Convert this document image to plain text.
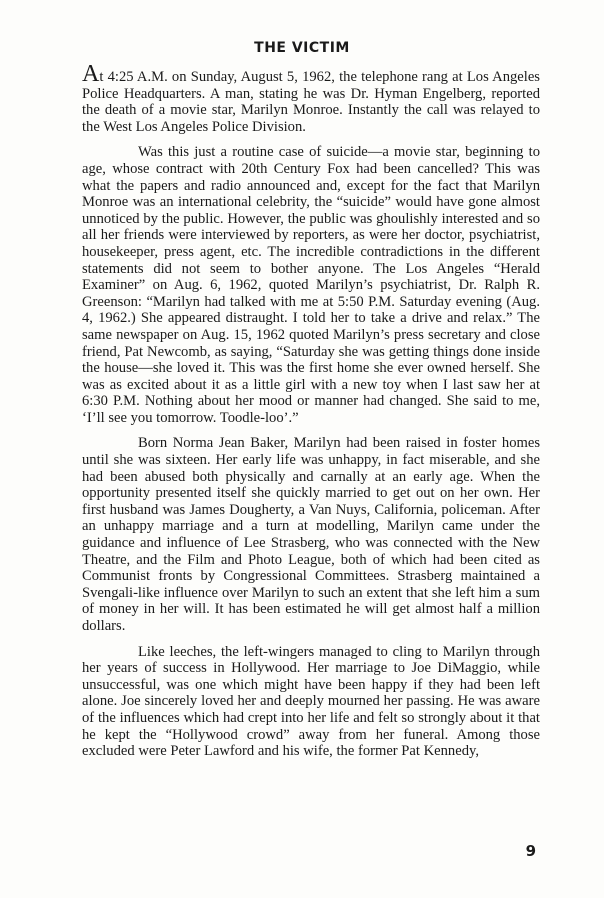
THE VICTIM

At 4:25 A.M. on Sunday, August 5, 1962, the telephone rang at Los Angeles Police Headquarters. A man, stating he was Dr. Hyman Engelberg, reported the death of a movie star, Marilyn Monroe. Instantly the call was relayed to the West Los Angeles Police Division.

Was this just a routine case of suicide—a movie star, beginning to age, whose contract with 20th Century Fox had been cancelled? This was what the papers and radio announced and, except for the fact that Marilyn Monroe was an international celebrity, the “suicide” would have gone almost unnoticed by the public. However, the public was ghoulishly interested and so all her friends were interviewed by reporters, as were her doctor, psychiatrist, housekeeper, press agent, etc. The incredible contradictions in the different statements did not seem to bother anyone. The Los Angeles “Herald Examiner” on Aug. 6, 1962, quoted Marilyn’s psychiatrist, Dr. Ralph R. Greenson: “Marilyn had talked with me at 5:50 P.M. Saturday evening (Aug. 4, 1962.) She appeared distraught. I told her to take a drive and relax.” The same newspaper on Aug. 15, 1962 quoted Marilyn’s press secretary and close friend, Pat Newcomb, as saying, “Saturday she was getting things done inside the house—she loved it. This was the first home she ever owned herself. She was as excited about it as a little girl with a new toy when I last saw her at 6:30 P.M. Nothing about her mood or manner had changed. She said to me, ‘I’ll see you tomorrow. Toodle-loo’.”

Born Norma Jean Baker, Marilyn had been raised in foster homes until she was sixteen. Her early life was unhappy, in fact miserable, and she had been abused both physically and carnally at an early age. When the opportunity presented itself she quickly married to get out on her own. Her first husband was James Dougherty, a Van Nuys, California, policeman. After an unhappy marriage and a turn at modelling, Marilyn came under the guidance and influence of Lee Strasberg, who was connected with the New Theatre, and the Film and Photo League, both of which had been cited as Communist fronts by Congressional Committees. Strasberg maintained a Svengali-like influence over Marilyn to such an extent that she left him a sum of money in her will. It has been estimated he will get almost half a million dollars.

Like leeches, the left-wingers managed to cling to Marilyn through her years of success in Hollywood. Her marriage to Joe DiMaggio, while unsuccessful, was one which might have been happy if they had been left alone. Joe sincerely loved her and deeply mourned her passing. He was aware of the influences which had crept into her life and felt so strongly about it that he kept the “Hollywood crowd” away from her funeral. Among those excluded were Peter Lawford and his wife, the former Pat Kennedy,

9
